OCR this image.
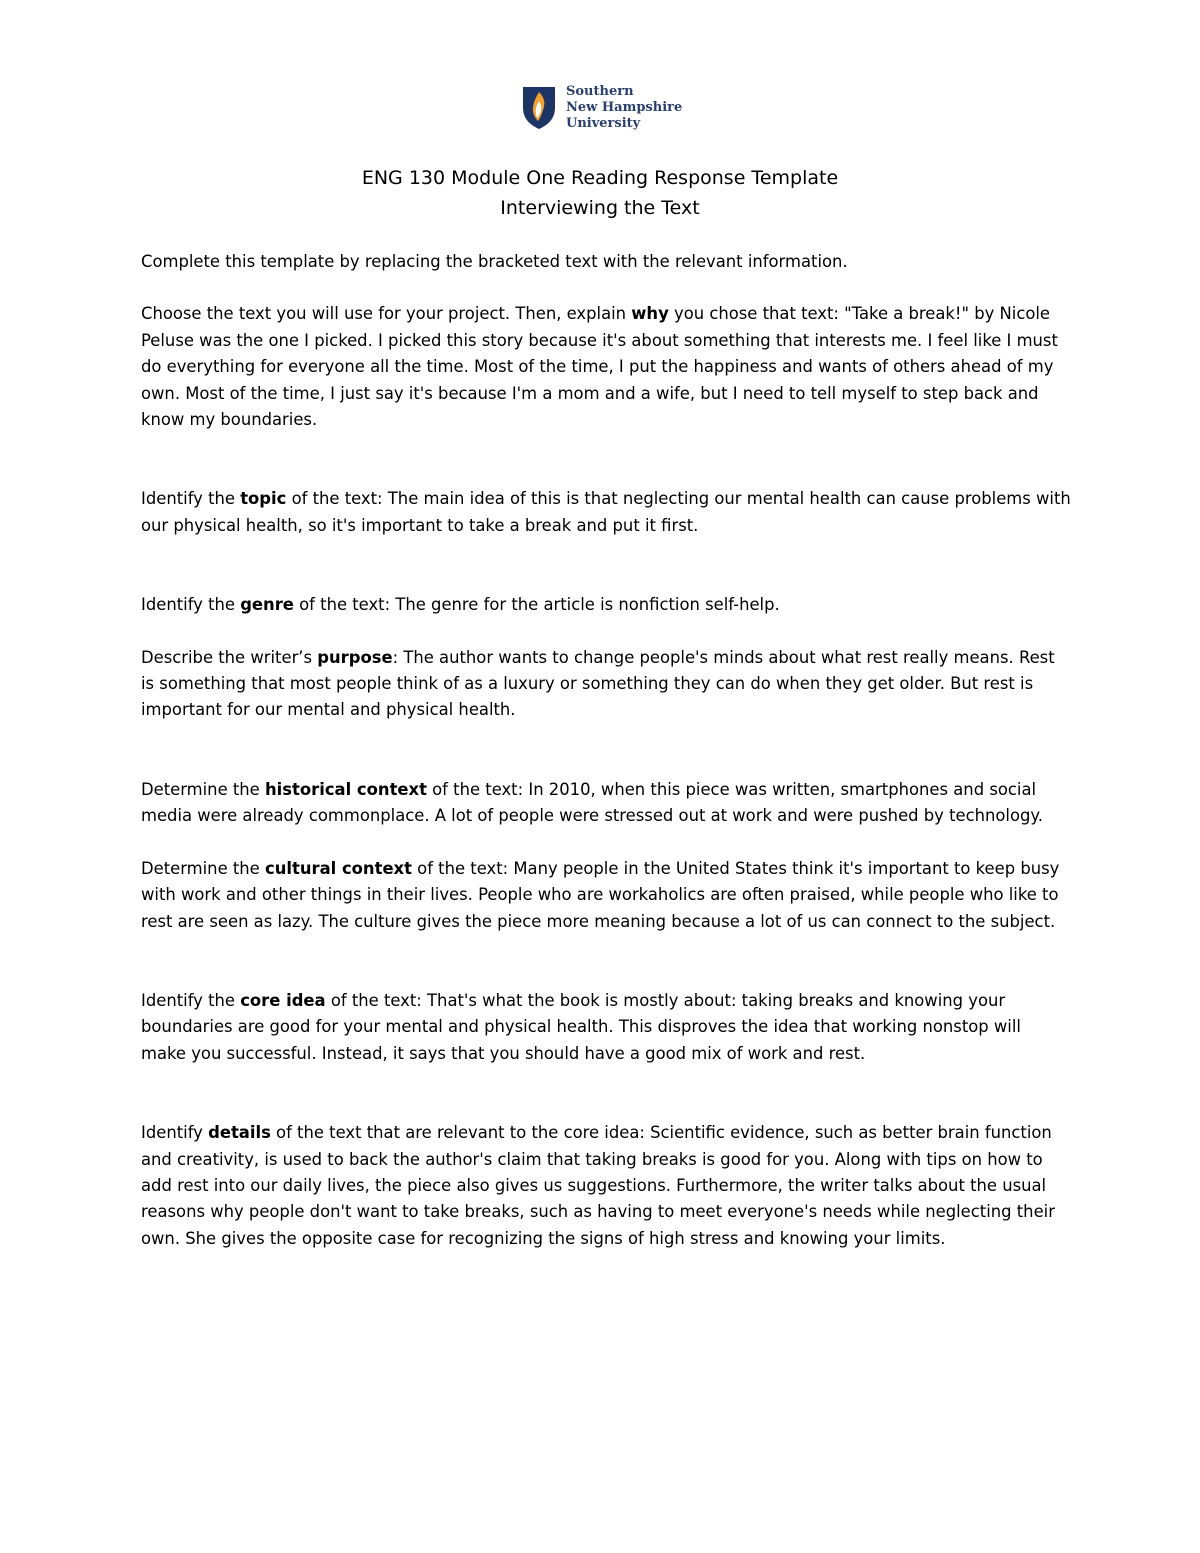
Southern
New Hampshire
University
ENG 130 Module One Reading Response Template
Interviewing the Text

Complete this template by replacing the bracketed text with the relevant information.

Choose the text you will use for your project. Then, explain why you chose that text: "Take a break!" by Nicole Peluse was the one I picked. I picked this story because it's about something that interests me. I feel like I must do everything for everyone all the time. Most of the time, I put the happiness and wants of others ahead of my own. Most of the time, I just say it's because I'm a mom and a wife, but I need to tell myself to step back and know my boundaries.

Identify the topic of the text: The main idea of this is that neglecting our mental health can cause problems with our physical health, so it's important to take a break and put it first.

Identify the genre of the text: The genre for the article is nonfiction self-help.

Describe the writer’s purpose: The author wants to change people's minds about what rest really means. Rest is something that most people think of as a luxury or something they can do when they get older. But rest is important for our mental and physical health.

Determine the historical context of the text: In 2010, when this piece was written, smartphones and social media were already commonplace. A lot of people were stressed out at work and were pushed by technology.

Determine the cultural context of the text: Many people in the United States think it's important to keep busy with work and other things in their lives. People who are workaholics are often praised, while people who like to rest are seen as lazy. The culture gives the piece more meaning because a lot of us can connect to the subject.

Identify the core idea of the text: That's what the book is mostly about: taking breaks and knowing your boundaries are good for your mental and physical health. This disproves the idea that working nonstop will make you successful. Instead, it says that you should have a good mix of work and rest.

Identify details of the text that are relevant to the core idea: Scientific evidence, such as better brain function and creativity, is used to back the author's claim that taking breaks is good for you. Along with tips on how to add rest into our daily lives, the piece also gives us suggestions. Furthermore, the writer talks about the usual reasons why people don't want to take breaks, such as having to meet everyone's needs while neglecting their own. She gives the opposite case for recognizing the signs of high stress and knowing your limits.
